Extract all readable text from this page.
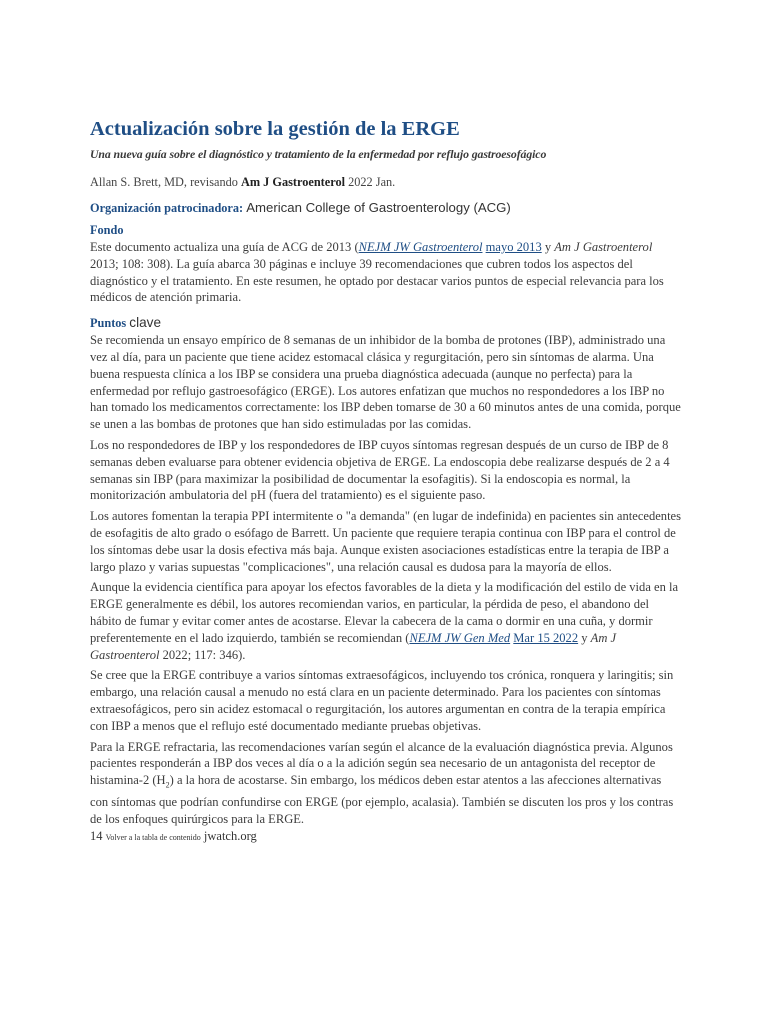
Actualización sobre la gestión de la ERGE
Una nueva guía sobre el diagnóstico y tratamiento de la enfermedad por reflujo gastroesofágico
Allan S. Brett, MD, revisando Am J Gastroenterol 2022 Jan.
Organización patrocinadora: American College of Gastroenterology (ACG)
Fondo

Este documento actualiza una guía de ACG de 2013 (NEJM JW Gastroenterol mayo 2013 y Am J Gastroenterol 2013; 108: 308). La guía abarca 30 páginas e incluye 39 recomendaciones que cubren todos los aspectos del diagnóstico y el tratamiento. En este resumen, he optado por destacar varios puntos de especial relevancia para los médicos de atención primaria.

Puntos clave

Se recomienda un ensayo empírico de 8 semanas de un inhibidor de la bomba de protones (IBP), administrado una vez al día, para un paciente que tiene acidez estomacal clásica y regurgitación, pero sin síntomas de alarma. Una buena respuesta clínica a los IBP se considera una prueba diagnóstica adecuada (aunque no perfecta) para la enfermedad por reflujo gastroesofágico (ERGE). Los autores enfatizan que muchos no respondedores a los IBP no han tomado los medicamentos correctamente: los IBP deben tomarse de 30 a 60 minutos antes de una comida, porque se unen a las bombas de protones que han sido estimuladas por las comidas.

Los no respondedores de IBP y los respondedores de IBP cuyos síntomas regresan después de un curso de IBP de 8 semanas deben evaluarse para obtener evidencia objetiva de ERGE. La endoscopia debe realizarse después de 2 a 4 semanas sin IBP (para maximizar la posibilidad de documentar la esofagitis). Si la endoscopia es normal, la monitorización ambulatoria del pH (fuera del tratamiento) es el siguiente paso.

Los autores fomentan la terapia PPI intermitente o "a demanda" (en lugar de indefinida) en pacientes sin antecedentes de esofagitis de alto grado o esófago de Barrett. Un paciente que requiere terapia continua con IBP para el control de los síntomas debe usar la dosis efectiva más baja. Aunque existen asociaciones estadísticas entre la terapia de IBP a largo plazo y varias supuestas "complicaciones", una relación causal es dudosa para la mayoría de ellos.

Aunque la evidencia científica para apoyar los efectos favorables de la dieta y la modificación del estilo de vida en la ERGE generalmente es débil, los autores recomiendan varios, en particular, la pérdida de peso, el abandono del hábito de fumar y evitar comer antes de acostarse. Elevar la cabecera de la cama o dormir en una cuña, y dormir preferentemente en el lado izquierdo, también se recomiendan (NEJM JW Gen Med Mar 15 2022 y Am J Gastroenterol 2022; 117: 346).

Se cree que la ERGE contribuye a varios síntomas extraesofágicos, incluyendo tos crónica, ronquera y laringitis; sin embargo, una relación causal a menudo no está clara en un paciente determinado. Para los pacientes con síntomas extraesofágicos, pero sin acidez estomacal o regurgitación, los autores argumentan en contra de la terapia empírica con IBP a menos que el reflujo esté documentado mediante pruebas objetivas.

Para la ERGE refractaria, las recomendaciones varían según el alcance de la evaluación diagnóstica previa. Algunos pacientes responderán a IBP dos veces al día o a la adición según sea necesario de un antagonista del receptor de histamina-2 $(H_2)$ a la hora de acostarse. Sin embargo, los médicos deben estar atentos a las afecciones alternativas con síntomas que podrían confundirse con ERGE (por ejemplo, acalasia). También se discuten los pros y los contras de los enfoques quirúrgicos para la ERGE.

14 Volver a la tabla de contenido jwatch.org
